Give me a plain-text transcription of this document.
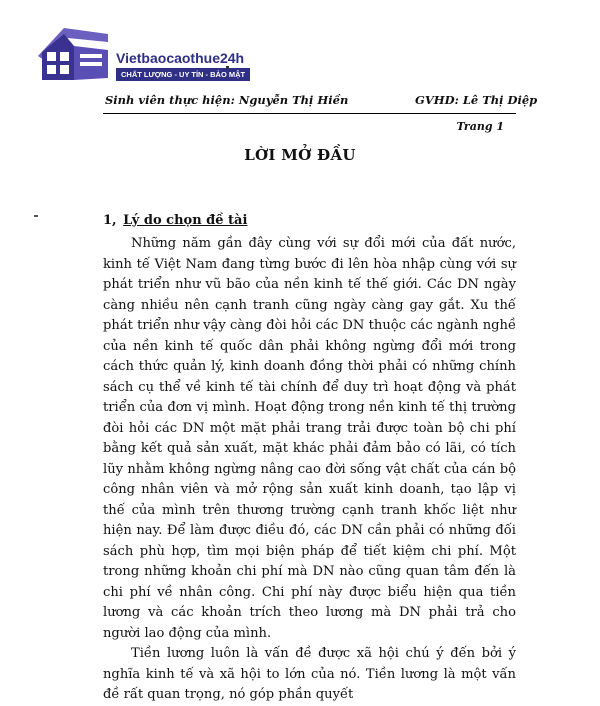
Vietbaocaothue24h
CHẤT LƯỢNG - UY TÍN - BẢO MẬT
Sinh viên thực hiện: Nguyễn Thị Hiền	GVHD: Lê Thị Diệp
Trang 1
LỜI MỞ ĐẦU
1, Lý do chọn đề tài

Những năm gần đây cùng với sự đổi mới của đất nước, kinh tế Việt Nam đang từng bước đi lên hòa nhập cùng với sự phát triển như vũ bão của nền kinh tế thế giới. Các DN ngày càng nhiều nên cạnh tranh cũng ngày càng gay gắt. Xu thế phát triển như vậy càng đòi hỏi các DN thuộc các ngành nghề của nền kinh tế quốc dân phải không ngừng đổi mới trong cách thức quản lý, kinh doanh đồng thời phải có những chính sách cụ thể về kinh tế tài chính để duy trì hoạt động và phát triển của đơn vị mình. Hoạt động trong nền kinh tế thị trường đòi hỏi các DN một mặt phải trang trải được toàn bộ chi phí bằng kết quả sản xuất, mặt khác phải đảm bảo có lãi, có tích lũy nhằm không ngừng nâng cao đời sống vật chất của cán bộ công nhân viên và mở rộng sản xuất kinh doanh, tạo lập vị thế của mình trên thương trường cạnh tranh khốc liệt như hiện nay. Để làm được điều đó, các DN cần phải có những đối sách phù hợp, tìm mọi biện pháp để tiết kiệm chi phí. Một trong những khoản chi phí mà DN nào cũng quan tâm đến là chi phí về nhân công. Chi phí này được biểu hiện qua tiền lương và các khoản trích theo lương mà DN phải trả cho người lao động của mình.

Tiền lương luôn là vấn đề được xã hội chú ý đến bởi ý nghĩa kinh tế và xã hội to lớn của nó. Tiền lương là một vấn đề rất quan trọng, nó góp phần quyết
